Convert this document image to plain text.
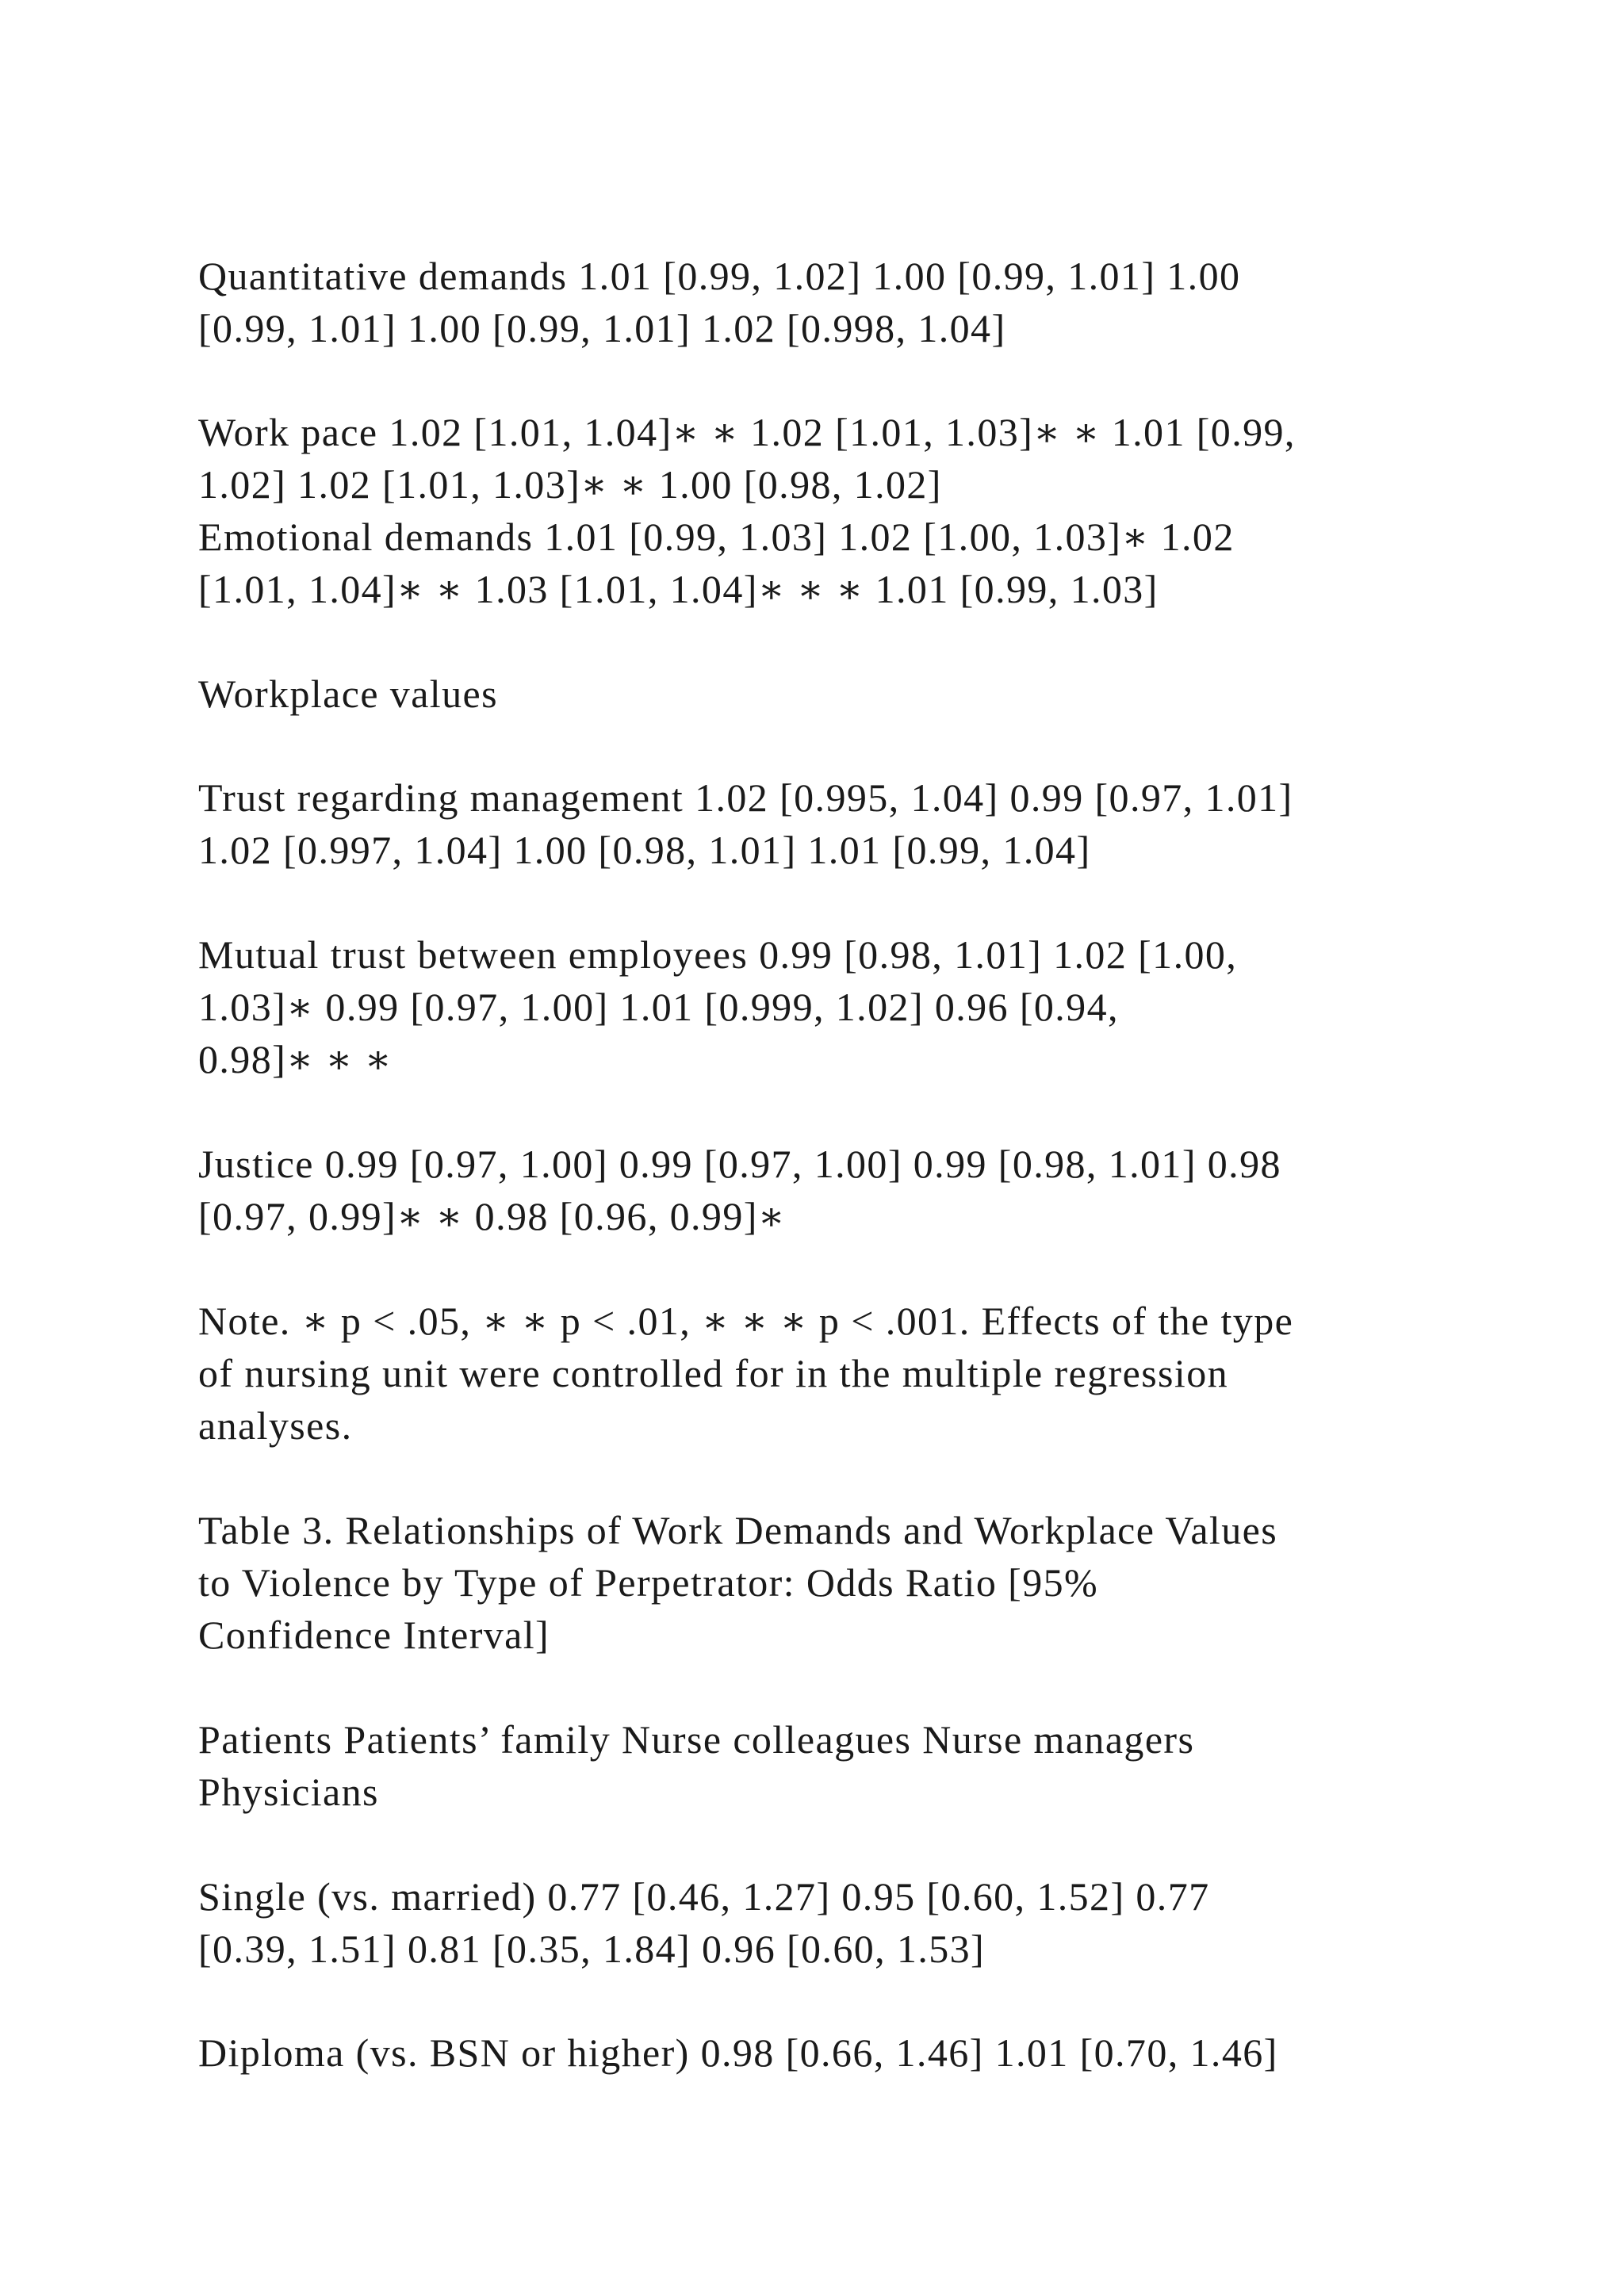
Quantitative demands 1.01 [0.99, 1.02] 1.00 [0.99, 1.01] 1.00
[0.99, 1.01] 1.00 [0.99, 1.01] 1.02 [0.998, 1.04]
Work pace 1.02 [1.01, 1.04]∗ ∗ 1.02 [1.01, 1.03]∗ ∗ 1.01 [0.99,
1.02] 1.02 [1.01, 1.03]∗ ∗ 1.00 [0.98, 1.02]
Emotional demands 1.01 [0.99, 1.03] 1.02 [1.00, 1.03]∗ 1.02
[1.01, 1.04]∗ ∗ 1.03 [1.01, 1.04]∗ ∗ ∗ 1.01 [0.99, 1.03]
Workplace values
Trust regarding management 1.02 [0.995, 1.04] 0.99 [0.97, 1.01]
1.02 [0.997, 1.04] 1.00 [0.98, 1.01] 1.01 [0.99, 1.04]
Mutual trust between employees 0.99 [0.98, 1.01] 1.02 [1.00,
1.03]∗ 0.99 [0.97, 1.00] 1.01 [0.999, 1.02] 0.96 [0.94,
0.98]∗ ∗ ∗
Justice 0.99 [0.97, 1.00] 0.99 [0.97, 1.00] 0.99 [0.98, 1.01] 0.98
[0.97, 0.99]∗ ∗ 0.98 [0.96, 0.99]∗
Note. ∗ p < .05, ∗ ∗ p < .01, ∗ ∗ ∗ p < .001. Effects of the type
of nursing unit were controlled for in the multiple regression
analyses.
Table 3. Relationships of Work Demands and Workplace Values
to Violence by Type of Perpetrator: Odds Ratio [95%
Confidence Interval]
Patients Patients’ family Nurse colleagues Nurse managers
Physicians
Single (vs. married) 0.77 [0.46, 1.27] 0.95 [0.60, 1.52] 0.77
[0.39, 1.51] 0.81 [0.35, 1.84] 0.96 [0.60, 1.53]
Diploma (vs. BSN or higher) 0.98 [0.66, 1.46] 1.01 [0.70, 1.46]
